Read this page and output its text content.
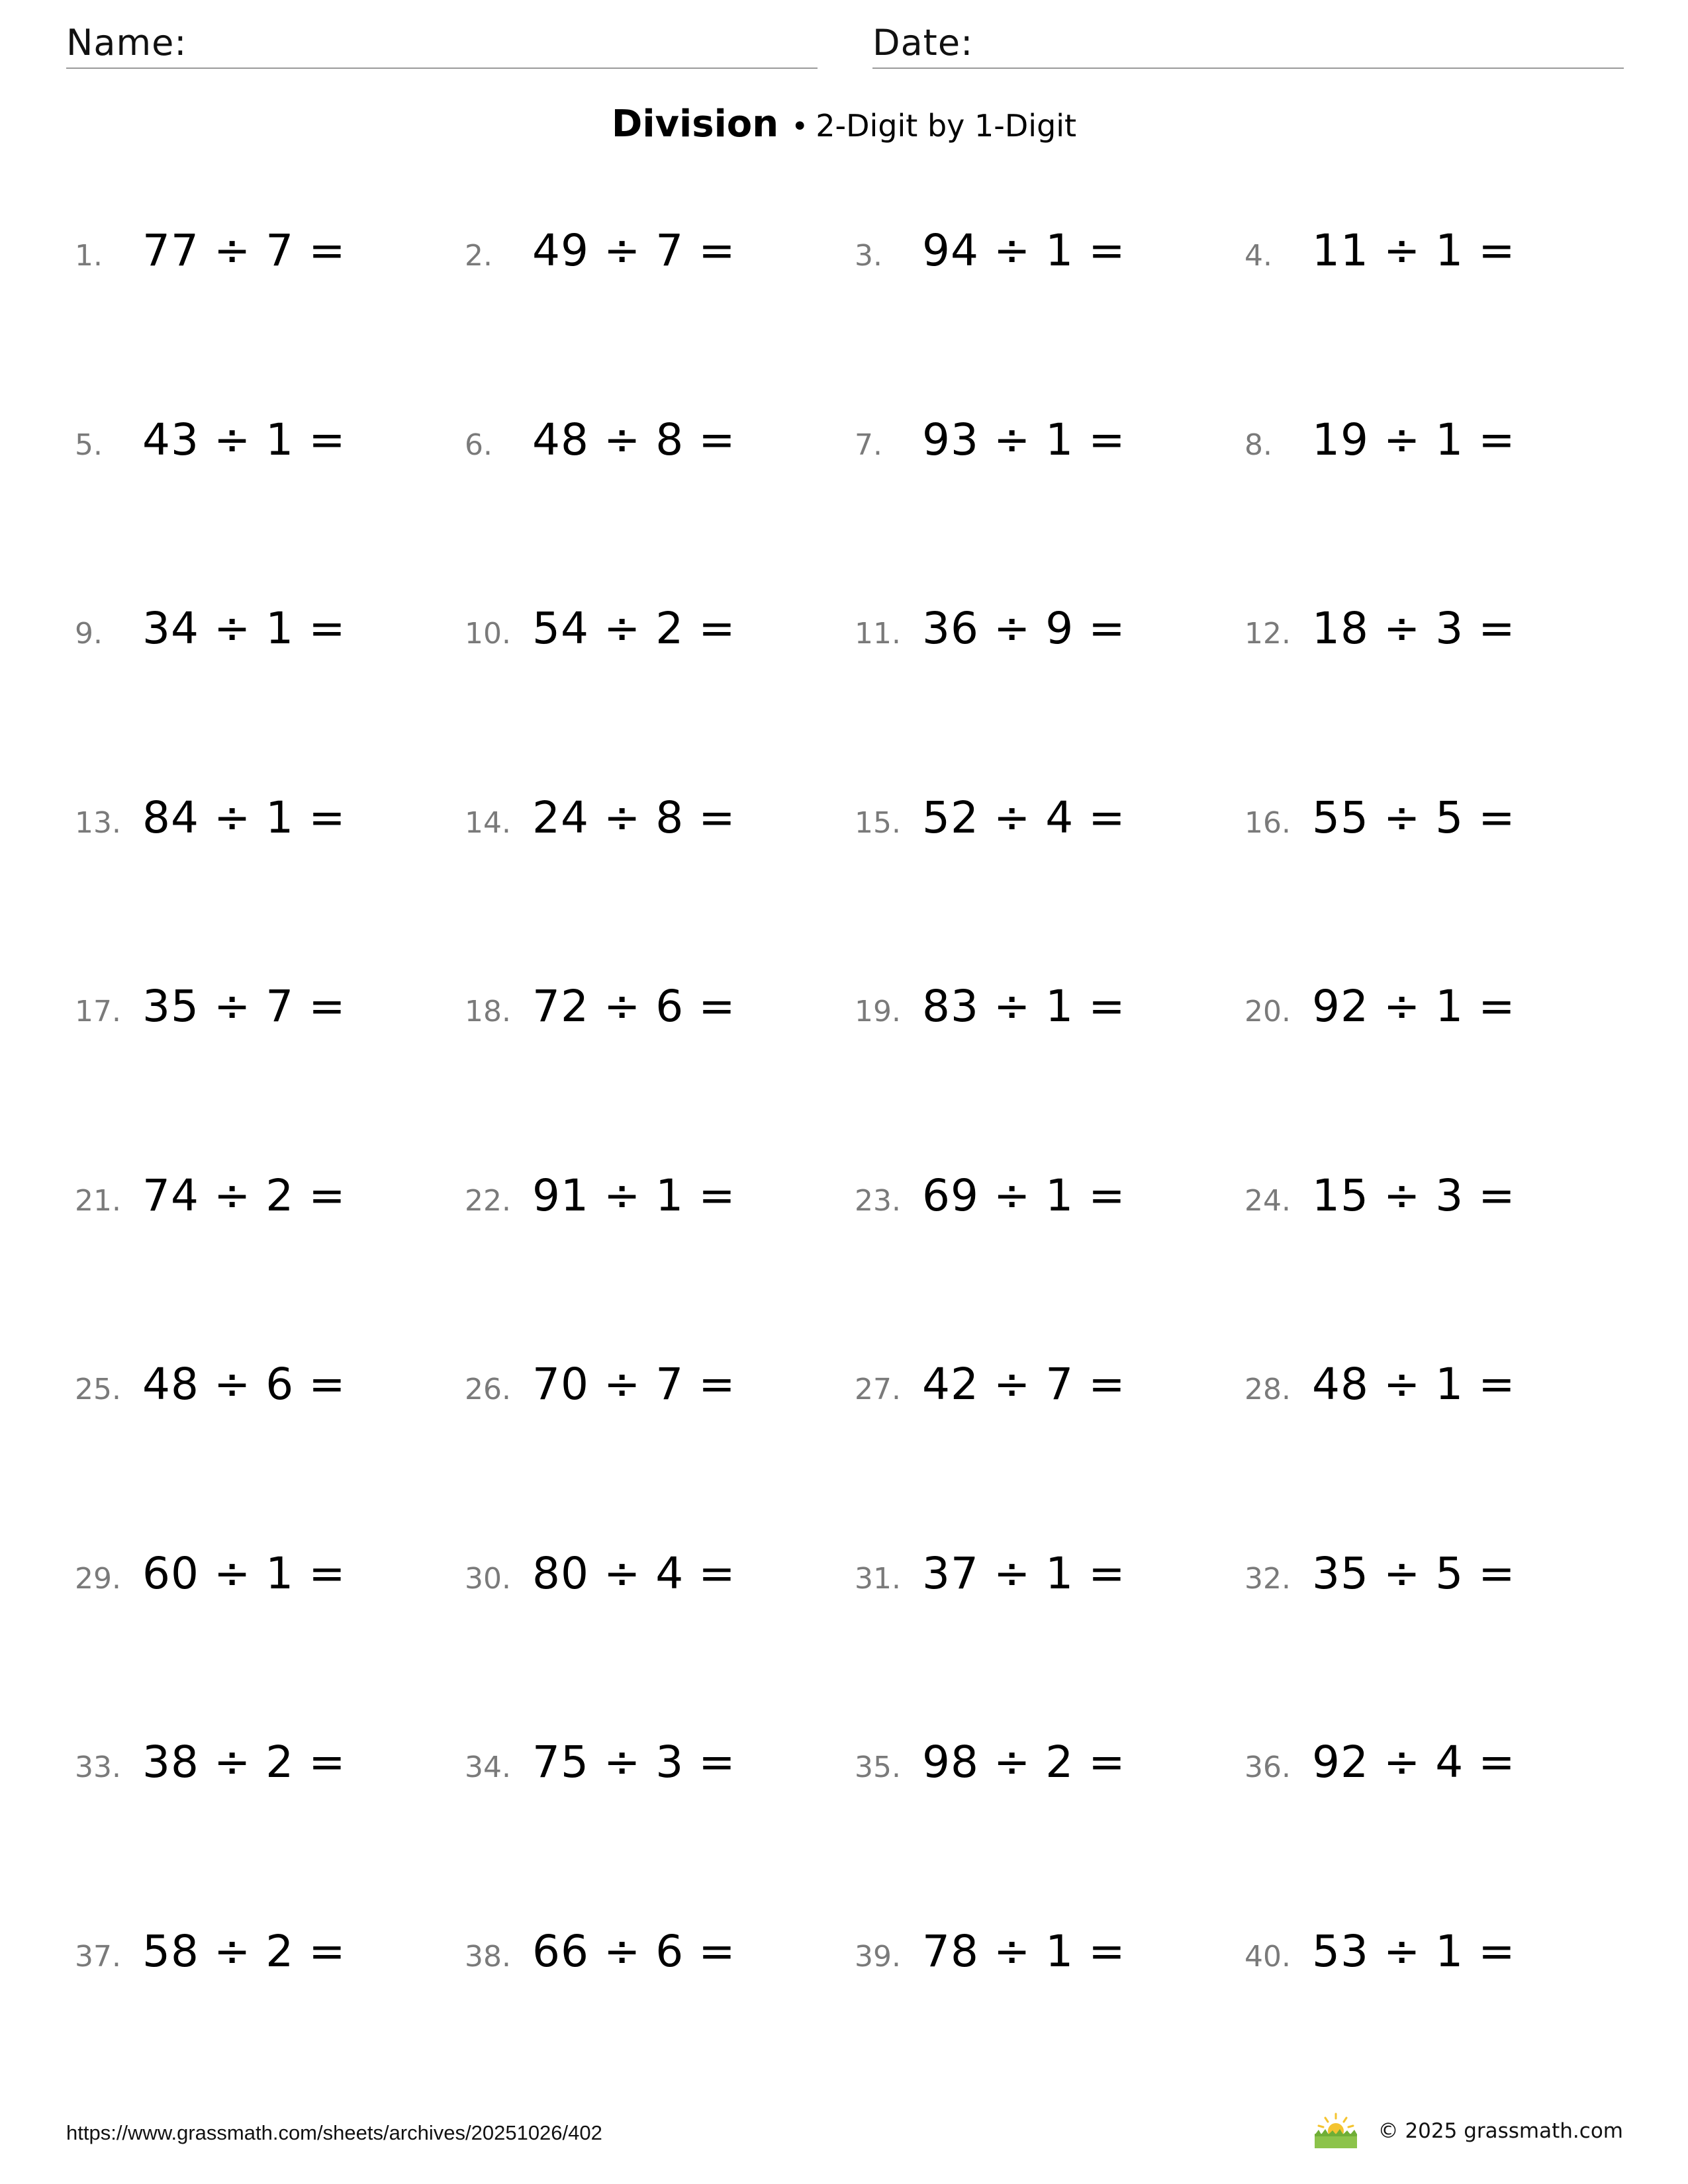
Name:	Date:
Division • 2-Digit by 1-Digit
1. 77 ÷ 7 =	2. 49 ÷ 7 =	3. 94 ÷ 1 =	4. 11 ÷ 1 =
5. 43 ÷ 1 =	6. 48 ÷ 8 =	7. 93 ÷ 1 =	8. 19 ÷ 1 =
9. 34 ÷ 1 =	10. 54 ÷ 2 =	11. 36 ÷ 9 =	12. 18 ÷ 3 =
13. 84 ÷ 1 =	14. 24 ÷ 8 =	15. 52 ÷ 4 =	16. 55 ÷ 5 =
17. 35 ÷ 7 =	18. 72 ÷ 6 =	19. 83 ÷ 1 =	20. 92 ÷ 1 =
21. 74 ÷ 2 =	22. 91 ÷ 1 =	23. 69 ÷ 1 =	24. 15 ÷ 3 =
25. 48 ÷ 6 =	26. 70 ÷ 7 =	27. 42 ÷ 7 =	28. 48 ÷ 1 =
29. 60 ÷ 1 =	30. 80 ÷ 4 =	31. 37 ÷ 1 =	32. 35 ÷ 5 =
33. 38 ÷ 2 =	34. 75 ÷ 3 =	35. 98 ÷ 2 =	36. 92 ÷ 4 =
37. 58 ÷ 2 =	38. 66 ÷ 6 =	39. 78 ÷ 1 =	40. 53 ÷ 1 =
https://www.grassmath.com/sheets/archives/20251026/402	© 2025 grassmath.com
